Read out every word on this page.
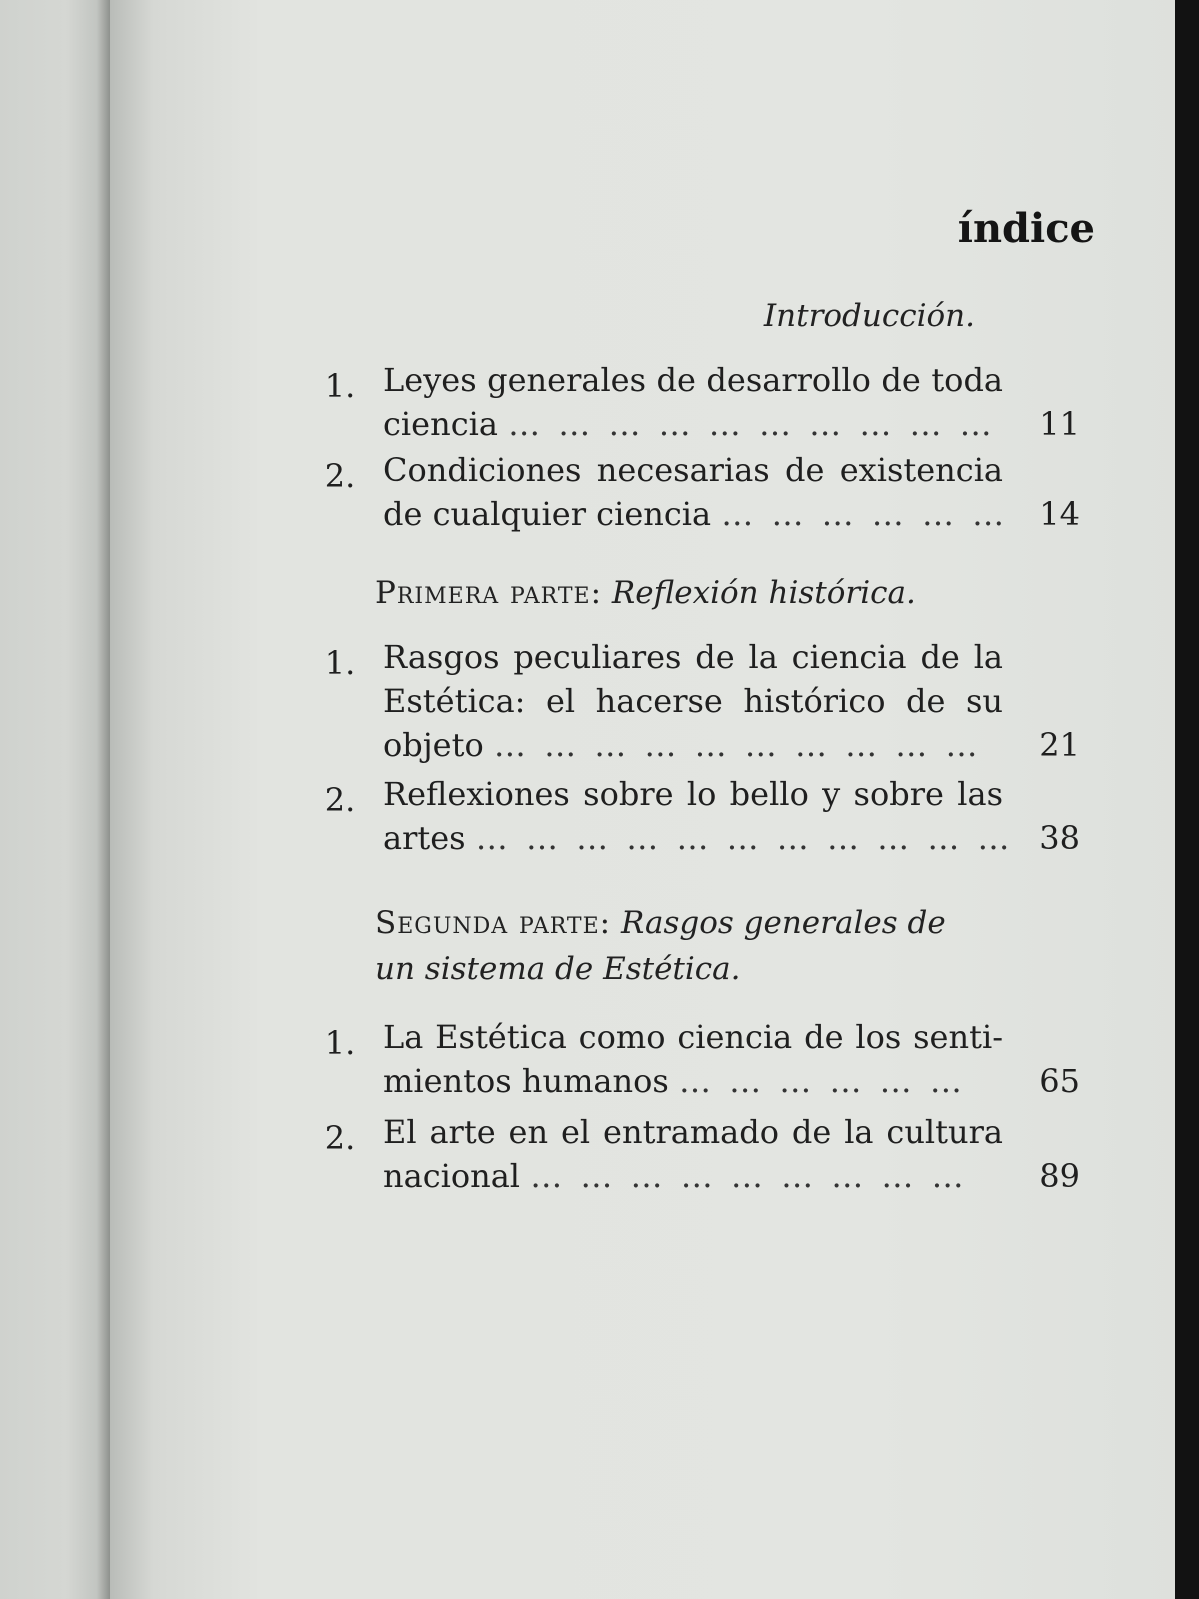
índice
Introducción.
1. Leyes generales de desarrollo de toda
ciencia … … … … … … … … … … 11
2. Condiciones necesarias de existencia
de cualquier ciencia … … … … … … 14
Primera parte: Reflexión histórica.
1. Rasgos peculiares de la ciencia de la
Estética: el hacerse histórico de su
objeto … … … … … … … … … …	21
2. Reflexiones sobre lo bello y sobre las
artes … … … … … … … … … … … 38
Segunda parte: Rasgos generales de
un sistema de Estética.
1. La Estética como ciencia de los senti-
mientos humanos … … … … … …	65
2. El arte en el entramado de la cultura
nacional … … … … … … … … …	89
